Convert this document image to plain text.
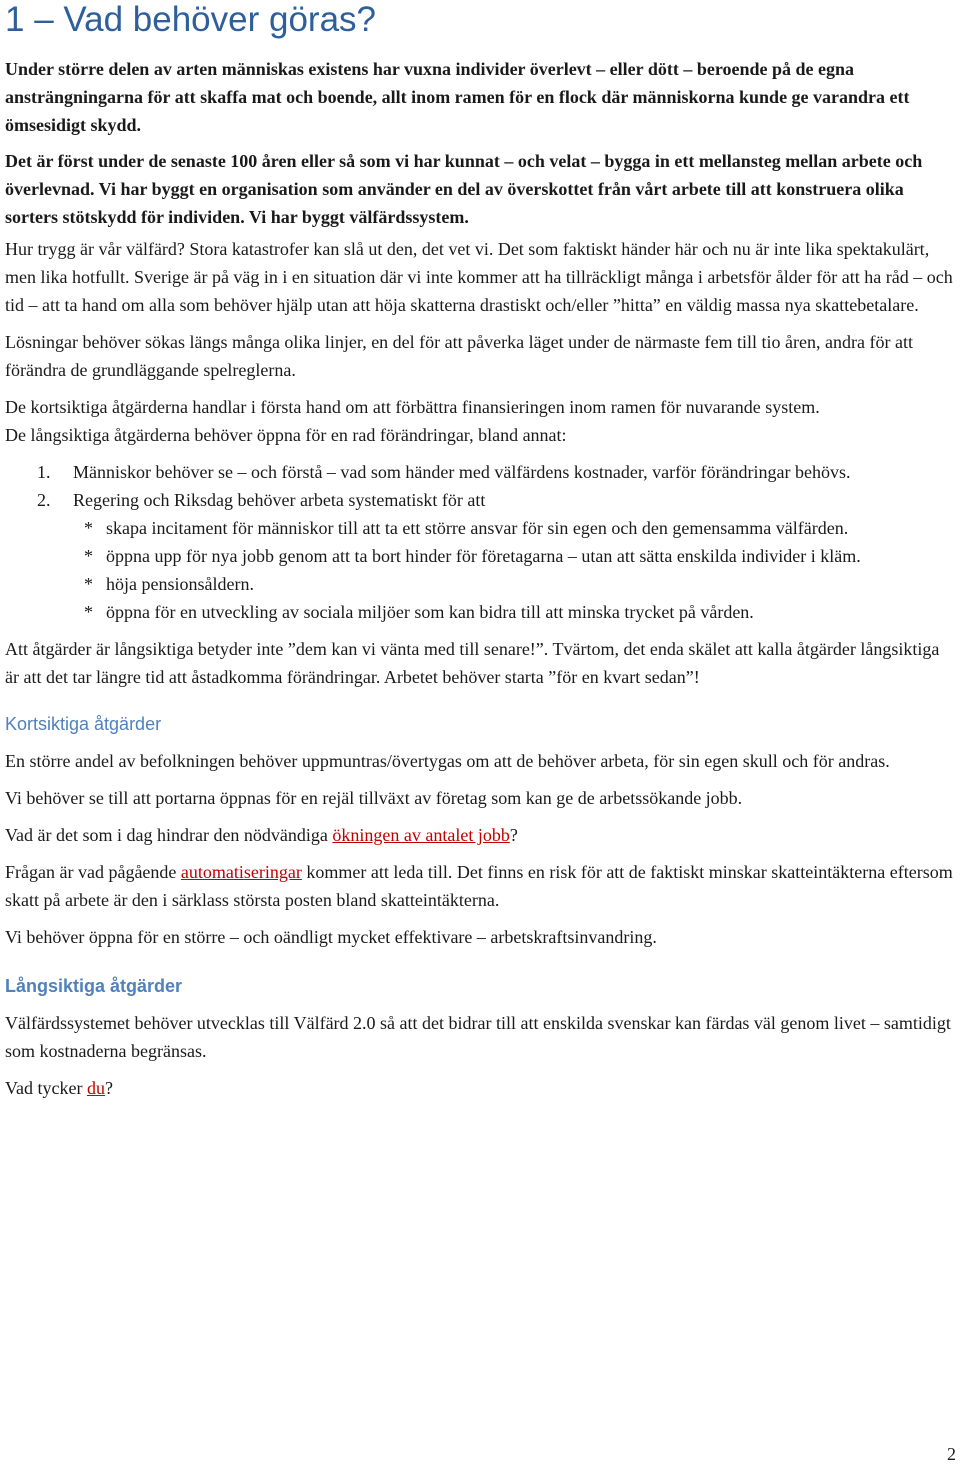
1 – Vad behöver göras?

Under större delen av arten människas existens har vuxna individer överlevt – eller dött – beroende på de egna ansträngningarna för att skaffa mat och boende, allt inom ramen för en flock där människorna kunde ge varandra ett ömsesidigt skydd.

Det är först under de senaste 100 åren eller så som vi har kunnat – och velat – bygga in ett mellansteg mellan arbete och överlevnad. Vi har byggt en organisation som använder en del av överskottet från vårt arbete till att konstruera olika sorters stötskydd för individen. Vi har byggt välfärdssystem.

Hur trygg är vår välfärd? Stora katastrofer kan slå ut den, det vet vi. Det som faktiskt händer här och nu är inte lika spektakulärt, men lika hotfullt. Sverige är på väg in i en situation där vi inte kommer att ha tillräckligt många i arbetsför ålder för att ha råd – och tid – att ta hand om alla som behöver hjälp utan att höja skatterna drastiskt och/eller ”hitta” en väldig massa nya skattebetalare.

Lösningar behöver sökas längs många olika linjer, en del för att påverka läget under de närmaste fem till tio åren, andra för att förändra de grundläggande spelreglerna.

De kortsiktiga åtgärderna handlar i första hand om att förbättra finansieringen inom ramen för nuvarande system.

De långsiktiga åtgärderna behöver öppna för en rad förändringar, bland annat:

1. Människor behöver se – och förstå – vad som händer med välfärdens kostnader, varför förändringar behövs.
2. Regering och Riksdag behöver arbeta systematiskt för att
* skapa incitament för människor till att ta ett större ansvar för sin egen och den gemensamma välfärden.
* öppna upp för nya jobb genom att ta bort hinder för företagarna – utan att sätta enskilda individer i kläm.
* höja pensionsåldern.
* öppna för en utveckling av sociala miljöer som kan bidra till att minska trycket på vården.

Att åtgärder är långsiktiga betyder inte ”dem kan vi vänta med till senare!”. Tvärtom, det enda skälet att kalla åtgärder långsiktiga är att det tar längre tid att åstadkomma förändringar. Arbetet behöver starta ”för en kvart sedan”!

Kortsiktiga åtgärder

En större andel av befolkningen behöver uppmuntras/övertygas om att de behöver arbeta, för sin egen skull och för andras.

Vi behöver se till att portarna öppnas för en rejäl tillväxt av företag som kan ge de arbetssökande jobb.

Vad är det som i dag hindrar den nödvändiga ökningen av antalet jobb?

Frågan är vad pågående automatiseringar kommer att leda till. Det finns en risk för att de faktiskt minskar skatteintäkterna eftersom skatt på arbete är den i särklass största posten bland skatteintäkterna.

Vi behöver öppna för en större – och oändligt mycket effektivare – arbetskraftsinvandring.

Långsiktiga åtgärder

Välfärdssystemet behöver utvecklas till Välfärd 2.0 så att det bidrar till att enskilda svenskar kan färdas väl genom livet – samtidigt som kostnaderna begränsas.

Vad tycker du?

2
